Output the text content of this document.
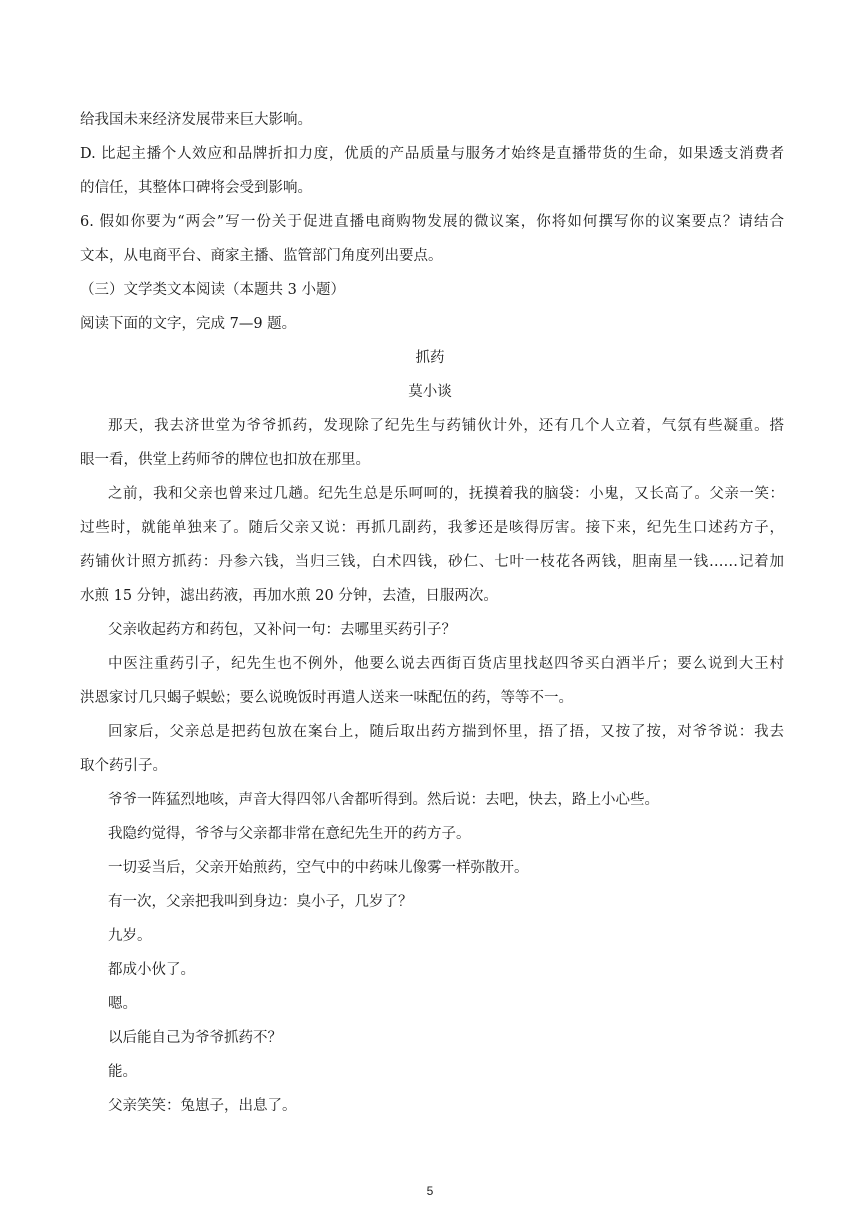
给我国未来经济发展带来巨大影响。
D. 比起主播个人效应和品牌折扣力度，优质的产品质量与服务才始终是直播带货的生命，如果透支消费者
的信任，其整体口碑将会受到影响。
6. 假如你要为“两会”写一份关于促进直播电商购物发展的微议案，你将如何撰写你的议案要点？请结合
文本，从电商平台、商家主播、监管部门角度列出要点。
（三）文学类文本阅读（本题共 3 小题）
阅读下面的文字，完成 7—9 题。
抓药
莫小谈
那天，我去济世堂为爷爷抓药，发现除了纪先生与药铺伙计外，还有几个人立着，气氛有些凝重。搭
眼一看，供堂上药师爷的牌位也扣放在那里。
之前，我和父亲也曾来过几趟。纪先生总是乐呵呵的，抚摸着我的脑袋：小鬼，又长高了。父亲一笑：
过些时，就能单独来了。随后父亲又说：再抓几副药，我爹还是咳得厉害。接下来，纪先生口述药方子，
药铺伙计照方抓药：丹参六钱，当归三钱，白术四钱，砂仁、七叶一枝花各两钱，胆南星一钱……记着加
水煎 15 分钟，滤出药液，再加水煎 20 分钟，去渣，日服两次。
父亲收起药方和药包，又补问一句：去哪里买药引子？
中医注重药引子，纪先生也不例外，他要么说去西街百货店里找赵四爷买白酒半斤；要么说到大王村
洪恩家讨几只蝎子蜈蚣；要么说晚饭时再遣人送来一味配伍的药，等等不一。
回家后，父亲总是把药包放在案台上，随后取出药方揣到怀里，捂了捂，又按了按，对爷爷说：我去
取个药引子。
爷爷一阵猛烈地咳，声音大得四邻八舍都听得到。然后说：去吧，快去，路上小心些。
我隐约觉得，爷爷与父亲都非常在意纪先生开的药方子。
一切妥当后，父亲开始煎药，空气中的中药味儿像雾一样弥散开。
有一次，父亲把我叫到身边：臭小子，几岁了？
九岁。
都成小伙了。
嗯。
以后能自己为爷爷抓药不？
能。
父亲笑笑：兔崽子，出息了。
5
